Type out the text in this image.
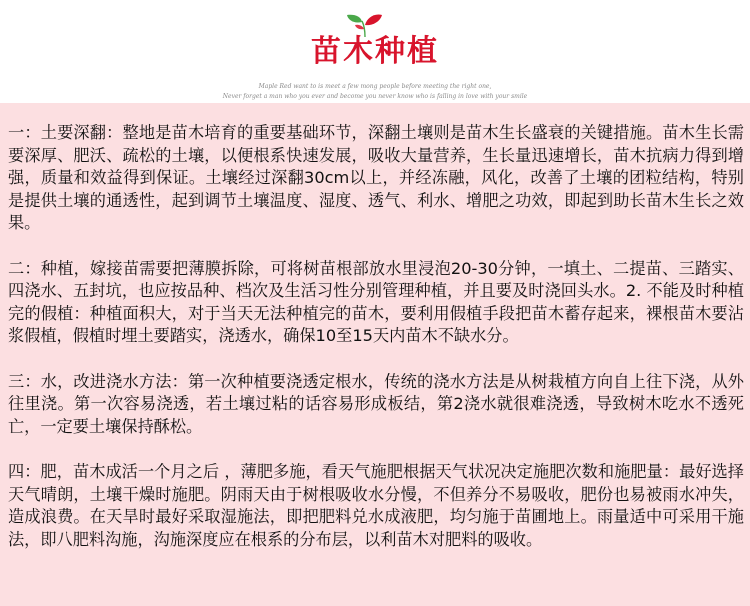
苗木种植
Maple Red want to is meet a few mong people before meeting the right one,
Never forget a man who you ever and become you never know who is falling in love with your smile

一：土要深翻：整地是苗木培育的重要基础环节，深翻土壤则是苗木生长盛衰的关键措施。苗木生长需要深厚、肥沃、疏松的土壤，以便根系快速发展，吸收大量营养，生长量迅速增长，苗木抗病力得到增强，质量和效益得到保证。土壤经过深翻30cm以上，并经冻融，风化，改善了土壤的团粒结构，特别是提供土壤的通透性，起到调节土壤温度、湿度、透气、利水、增肥之功效，即起到助长苗木生长之效果。

二：种植，嫁接苗需要把薄膜拆除，可将树苗根部放水里浸泡20-30分钟，一填土、二提苗、三踏实、四浇水、五封坑，也应按品种、档次及生活习性分别管理种植，并且要及时浇回头水。2. 不能及时种植完的假植：种植面积大，对于当天无法种植完的苗木，要利用假植手段把苗木蓄存起来，裸根苗木要沾浆假植，假植时埋土要踏实，浇透水，确保10至15天内苗木不缺水分。

三：水，改进浇水方法：第一次种植要浇透定根水，传统的浇水方法是从树栽植方向自上往下浇，从外往里浇。第一次容易浇透，若土壤过粘的话容易形成板结，第2浇水就很难浇透，导致树木吃水不透死亡，一定要土壤保持酥松。

四：肥，苗木成活一个月之后 ，薄肥多施，看天气施肥根据天气状况决定施肥次数和施肥量：最好选择天气晴朗，土壤干燥时施肥。阴雨天由于树根吸收水分慢，不但养分不易吸收，肥份也易被雨水冲失，造成浪费。在天旱时最好采取湿施法，即把肥料兑水成液肥，均匀施于苗圃地上。雨量适中可采用干施法，即八肥料沟施，沟施深度应在根系的分布层，以利苗木对肥料的吸收。
